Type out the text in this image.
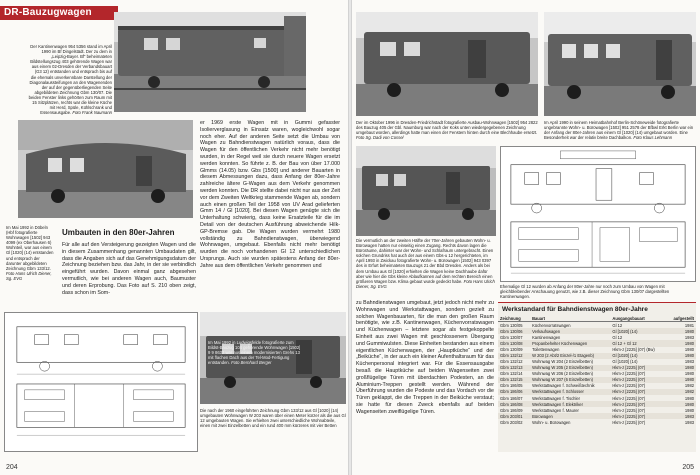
DR-Bauzugwagen
Der Kantinenwagen 954 5356 stand im April 1990 im Bf Dingelstädt. Der zu dem in „Leipzig-Bayer. Bf“ beheimateten Bildstellungszug 403 gehörende Wagen war aus einem 02-Dresden der Verbandsbauart (G3 12) entstanden und entsprach bis auf die ehemals unverkennbare Darstellung der Diagonalaussteifungen an den Wagenenden der auf der gegenüberliegenden Seite abgebildeten Zeichnung Gbm 130/07. Die beiden Fenster links gehörten zum Raum mit 15 Sitzplätzen, rechts war die kleine Küche mit Herd, Spüle, Kühlschrank und Essensausgabe. Foto Frank Naumann
Im Mai 1992 in Döbeln (Hbf fotografierte Wohnwagen [1502] 943 4099 (ex Oberhausen 6) Wohnteil, war aus einem Gl [1020] (14) entstanden und entsprach der darunter abgebildeten Zeichnung Gbm 133/12. Foto Hans Ulrich Diener, Sg. EVG

er 1969 erste Wagen mit in Gummi gefasster Isolierverglasung in Einsatz waren, wogleichwohl sogar noch eher. Auf der anderen Seite setzt die Umbau von Wagen zu Bahndienstwagen natürlich voraus, dass die Wagen für den öffentlichen Verkehr nicht mehr benötigt wurden, in der Regel weil sie durch neuere Wagen ersetzt werden konnten. So führte z. B. der Bau von über 17.000 Glmms (14.05) bzw. Gbs [1500] und anderer Bauarten in diesem Abmessungen dazu, dass Anfang der 80er-Jahre zahlreiche ältere G-Wagen aus dem Verkehr genommen werden konnten. Die DR stellte dabei nicht nur aus der Zeit vor dem Zweiten Weltkrieg stammende Wagen ab, sondern auch einen großen Teil der 1958 von UV Arad gelieferten Gmm 14 / Gl [1020]. Bei diesen Wagen genügte sich die Unterhaltung schwierig, dass keine Ersatzteile für die im Detail von der deutschen Ausführung abweichende Hilk-GP-Bremse gab. Die Wagen wurden vermehrt 1980 vollständig zu Bahndienstwagen, überwiegend Wohnwagen, umgebaut. Ebenfalls nicht mehr benötigt wurden die noch vorhandenen Gl 12 unterschiedlichen Ursprungs. Auch sie wurden spätestens Anfang der 80er-Jahre aus dem öffentlichen Verkehr genommen und

Umbauten in den 80er-Jahren

Für alle auf den Versteigerung gezeigten Wagen und die in diesem Zusammenhang genannten Umbaudaten gilt, dass die Angaben sich auf das Genehmigungsdatum der Zeichnung beziehen bzw. das Jahr, in der sie verbindlich eingeführt wurden. Davon einmal ganz abgesehen vermutlich, wie bei anderen Wagen auch, Baumuster und deren Erprobung. Das Foto auf S. 210 oben zeigt, dass schon im Som-

Im Mai 1992 in Ludwigsfelde fotografierte zum Bildst-Bauzug 104 gehörende Wohnwagen [1502] 9 9 8632 war aus einem modernisierten Grehs 13 mit flachen Dach aus der Tel-Mod-Fertigung entstanden. Foto Bernhard Berger
Die nach der 1960 eingeführten Zeichnung Gbm 133/12 aus Gl [1020] (14) umgebauten Wohnwagen W 203 waren über einen Meter kürzer als die aus Gl 12 umgebauten Wagen. Sie erhielten zwei unterschiedliche Wohnabteile, einen mit zwei Einzelbetten und ein rund 400 mm kürzeres mit vier Betten
204
Der im Oktober 1996 in Dresden-Friedrichstadt fotografierte Ausbau-Wohnwagen [1502] 954 2822 des Bauzug 405 der Gbl. Naumburg war nach der Koks unten wiedergegebenen Zeichnung umgebaut worden, allerdings hatte man einen der Fenstern hinten durch eine Blechhaube ersetzt. Foto Sg. Dadi von Cossel
Im April 1990 in seinem Heimatbahnhof Berlin-Schöneweide fotografierte ungebrannte Wohn- u. Bürowagen [1502] 951 2578 der Bfbwl Erkt Berlin war ein der Anfang der 80er-Jahren aus einem Gl [1020] (14) umgebaut worden. Eine Besonderheit war der relativ breite Dachbalkon. Foto Klaus Lehmann
Die vermutlich an der zweiten Hälfte der 70er-Jahren gebauten Wohn- u. Bürowagen hatten nur einseitig einen Zugang. Rechts davon lagen die Büroräume, dahinter war der Wohn- und Schlafraum untergebracht. Einen solchen Grundriss hat auch der aus einem Gbs-u 12 hergerichteten, im April 1993 in Zwickau fotografierte Wohn- u. Bürowagen [1502] 943 0397 des in Erfurt beheimateten Bauzugs 21 der Bbd Dresden. Anders als bei dem Umbau aus Gl [1020] erhielten die Wagen keine Dachhaube dafür aber wie hier die Gbs kleine Ablaufkannen auf dem rechten Bereich einen größeren Wagen bzw. Klima gebaut wurde gedeckt habe. Foto Hans Ulrich Diener, Sg. EVG	Ehemalige Gl 12 wurden ab Anfang der 80er-Jahre nur noch zum Umbau von Wagen mit gleichbleibender Anschauung genutzt, wie z.B. dieser Zeichnung Gbm 130/07 dargestellten Kantinenwagen.

zu Bahndienstwagen umgebaut, jetzt jedoch nicht mehr zu Wohnwagen und Werkstattwagen, sondern gezielt zu solchen Wagenbauarten, für die man den großen Raum benötigte, wie z.B. Kantinenwagen, Küchenvorratswagen und Küchenwagen – letztere sogar als festgekoppelte Einheit aus zwei Wagen mit geschlossenem Übergang und Gummiwulsten. Diese Einheiten bestanden aus einem eigentlichen Küchenwagen, der „Hauptküche“ und der „Beiküche“, in der auch ein kleiner Aufenthaltsraum für das Küchenpersonal integriert war. Für die Essensausgabe besaß die Hauptküche auf beiden Wagenseiten zwei großflügelige Türen mit überdachten Podesten, an die Aluminium-Treppen gestellt werden. Während der Überführung wurden die Podeste und das Vordach vor die Türen geklappt, die die Treppen in der Beiküche verstaut; sie hatte für diesen Zweck ebenfalls auf beiden Wagenseiten zweiflügelige Türen.

Werkstandard für Bahndienstwagen 80er-Jahre
Zeichnung	Bauart	Ausgangsbauart	aufgestellt
Gbm 130/05	Küchenvorratswagen	Gl 12	1981
Gbm 130/06	Verkaufswagen	Gl [1020] (14)	1980
Gbm 130/07	Kantinenwagen	Gl 12	1983
Gbm 130/08	Propanbehelter Küchenwagen	Gl 12 + Gl 12	1980
Gbm 130/09	Toilettenwagen	Hkm-z [2225] (07) (Bw)	1980
Gbm 132/12	W 203 (2 Abt/2 Einzel-/1 Etagenb)	Gl [1020] (14)	1980
Gbm 132/12	Wohnwag W 204 (2 Einzelbetten)	Gl [1020] (14)	1983
Gbm 132/13	Wohnwag W 205 (2 Einzelbetten)	Hkm-z [2225] (07)	1980
Gbm 132/14	Wohnwag W 206 (2 Einzelbetten)	Hkm-z [2225] (07)	1980
Gbm 132/15	Wohnwag W 207 (6 Einzelbetten)	Hkm-z [2225] (07)	1980
Gbm 186/05	Werkstattwagen f. Schweißtechnik	Hkm-z [2225] (07)	1982
Gbm 186/06	Werkstattwagen f. Schlosser	Hkm-z [2225] (07)	1982
Gbm 186/07	Werkstattwagen f. Tischler	Hkm-z [2225] (07)	1980
Gbm 186/08	Werkstattwagen f. Elektriker	Hkm-z [2225] (07)	1980
Gbm 186/09	Werkstattwagen f. Maurer	Hkm-z [2225] (07)	1980
Gbm 203/01	Bürowagen	Hkm-z [2225] (07)	1983
Gbm 203/02	Wohn- u. Bürowagen	Hkm-z [2225] (07)	1983
205
